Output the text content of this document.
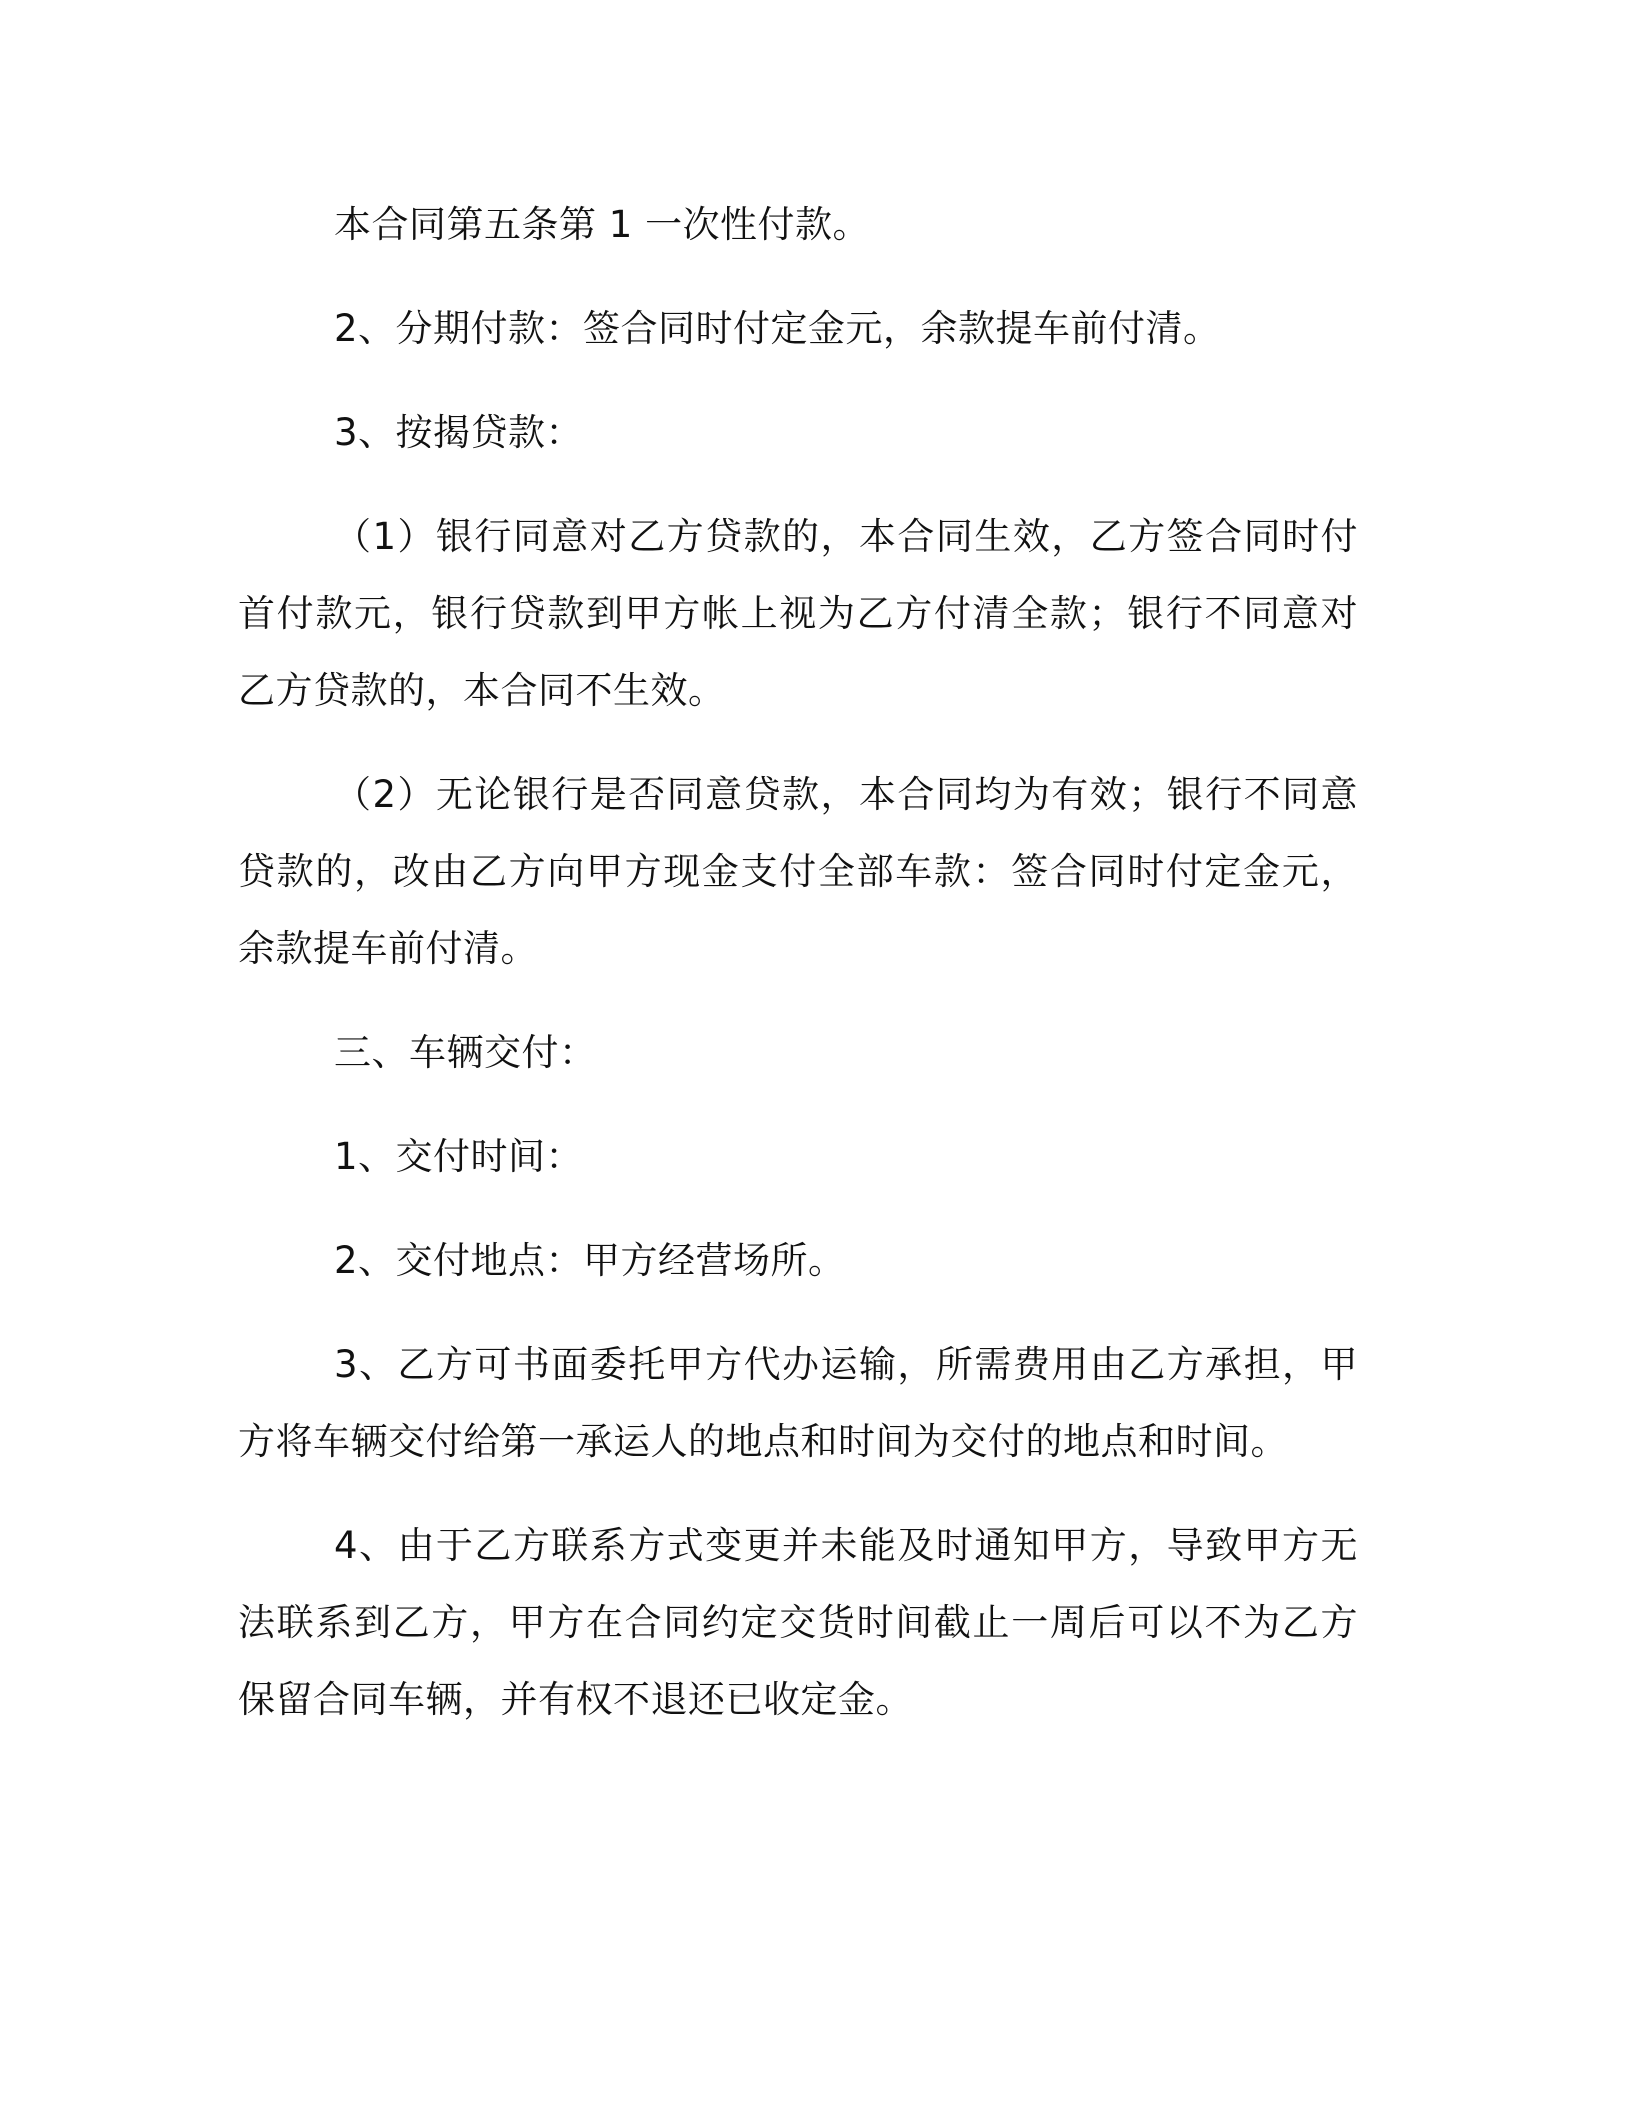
本合同第五条第 1 一次性付款。

2、分期付款：签合同时付定金元，余款提车前付清。

3、按揭贷款：

（1）银行同意对乙方贷款的，本合同生效，乙方签合同时付首付款元，银行贷款到甲方帐上视为乙方付清全款；银行不同意对乙方贷款的，本合同不生效。

（2）无论银行是否同意贷款，本合同均为有效；银行不同意贷款的，改由乙方向甲方现金支付全部车款：签合同时付定金元，余款提车前付清。

三、车辆交付：

1、交付时间：

2、交付地点：甲方经营场所。

3、乙方可书面委托甲方代办运输，所需费用由乙方承担，甲方将车辆交付给第一承运人的地点和时间为交付的地点和时间。

4、由于乙方联系方式变更并未能及时通知甲方，导致甲方无法联系到乙方，甲方在合同约定交货时间截止一周后可以不为乙方保留合同车辆，并有权不退还已收定金。
